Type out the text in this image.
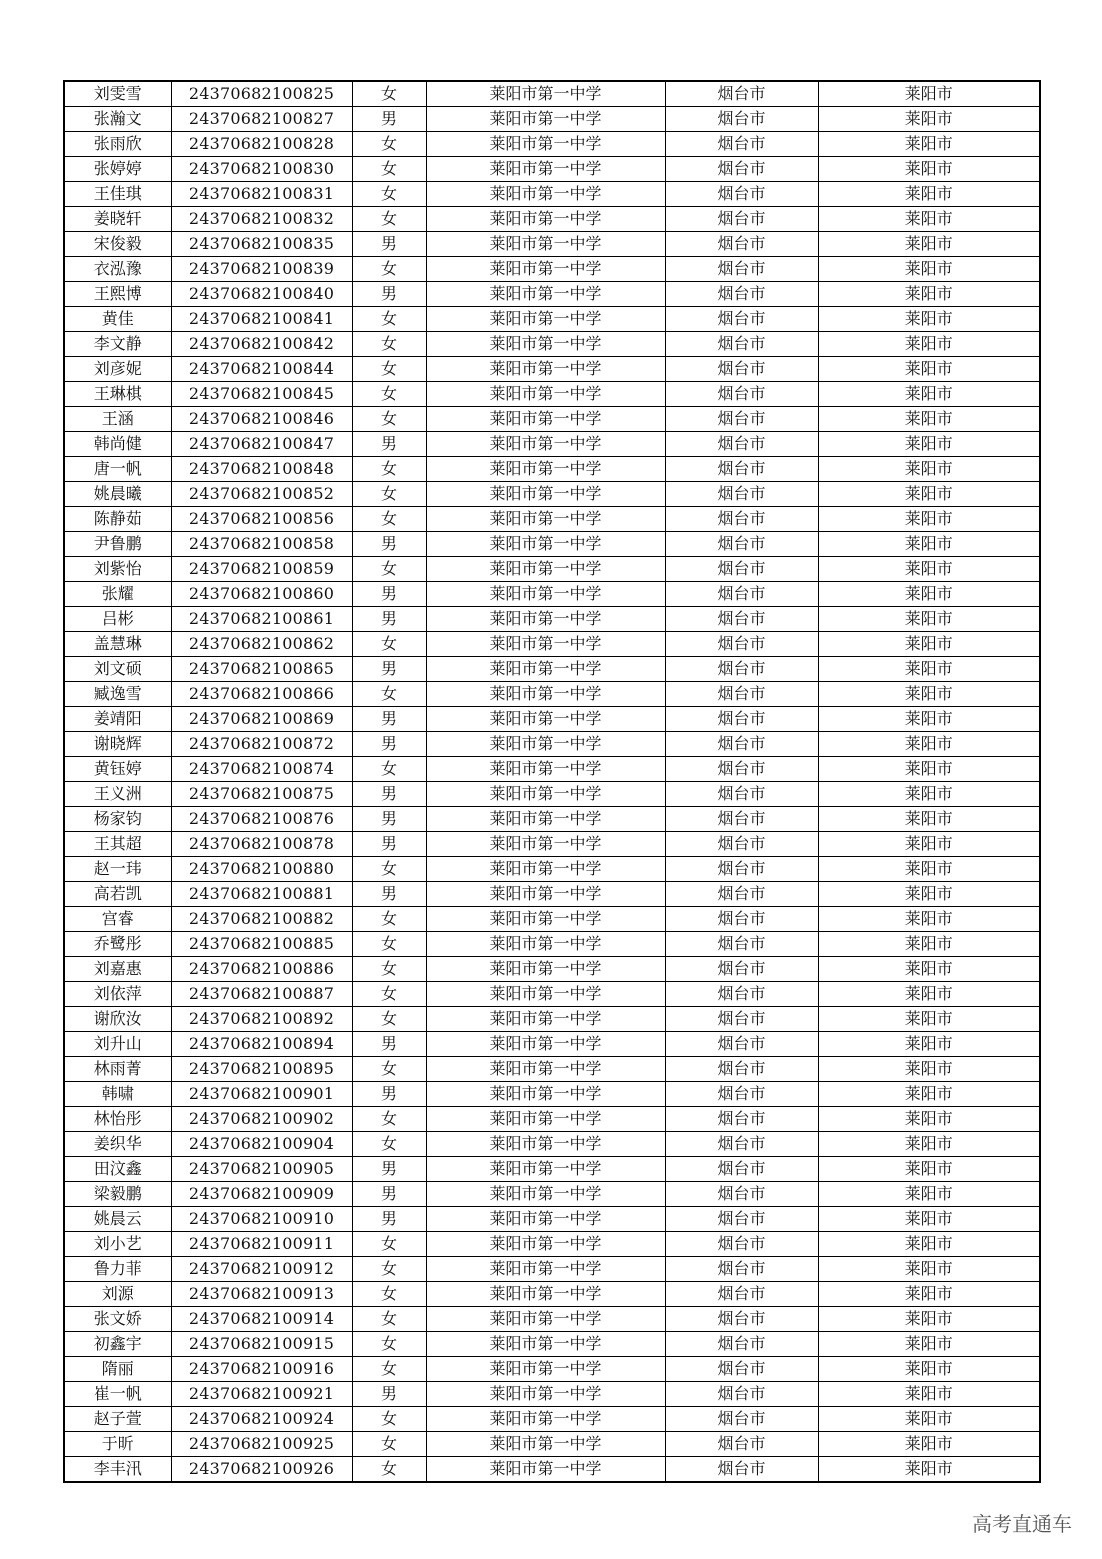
刘雯雪	24370682100825	女	莱阳市第一中学	烟台市	莱阳市
张瀚文	24370682100827	男	莱阳市第一中学	烟台市	莱阳市
张雨欣	24370682100828	女	莱阳市第一中学	烟台市	莱阳市
张婷婷	24370682100830	女	莱阳市第一中学	烟台市	莱阳市
王佳琪	24370682100831	女	莱阳市第一中学	烟台市	莱阳市
姜晓轩	24370682100832	女	莱阳市第一中学	烟台市	莱阳市
宋俊毅	24370682100835	男	莱阳市第一中学	烟台市	莱阳市
衣泓豫	24370682100839	女	莱阳市第一中学	烟台市	莱阳市
王熙博	24370682100840	男	莱阳市第一中学	烟台市	莱阳市
黄佳	24370682100841	女	莱阳市第一中学	烟台市	莱阳市
李文静	24370682100842	女	莱阳市第一中学	烟台市	莱阳市
刘彦妮	24370682100844	女	莱阳市第一中学	烟台市	莱阳市
王琳棋	24370682100845	女	莱阳市第一中学	烟台市	莱阳市
王涵	24370682100846	女	莱阳市第一中学	烟台市	莱阳市
韩尚健	24370682100847	男	莱阳市第一中学	烟台市	莱阳市
唐一帆	24370682100848	女	莱阳市第一中学	烟台市	莱阳市
姚晨曦	24370682100852	女	莱阳市第一中学	烟台市	莱阳市
陈静茹	24370682100856	女	莱阳市第一中学	烟台市	莱阳市
尹鲁鹏	24370682100858	男	莱阳市第一中学	烟台市	莱阳市
刘紫怡	24370682100859	女	莱阳市第一中学	烟台市	莱阳市
张耀	24370682100860	男	莱阳市第一中学	烟台市	莱阳市
吕彬	24370682100861	男	莱阳市第一中学	烟台市	莱阳市
盖慧琳	24370682100862	女	莱阳市第一中学	烟台市	莱阳市
刘文硕	24370682100865	男	莱阳市第一中学	烟台市	莱阳市
臧逸雪	24370682100866	女	莱阳市第一中学	烟台市	莱阳市
姜靖阳	24370682100869	男	莱阳市第一中学	烟台市	莱阳市
谢晓辉	24370682100872	男	莱阳市第一中学	烟台市	莱阳市
黄钰婷	24370682100874	女	莱阳市第一中学	烟台市	莱阳市
王义洲	24370682100875	男	莱阳市第一中学	烟台市	莱阳市
杨家钧	24370682100876	男	莱阳市第一中学	烟台市	莱阳市
王其超	24370682100878	男	莱阳市第一中学	烟台市	莱阳市
赵一玮	24370682100880	女	莱阳市第一中学	烟台市	莱阳市
高若凯	24370682100881	男	莱阳市第一中学	烟台市	莱阳市
宫睿	24370682100882	女	莱阳市第一中学	烟台市	莱阳市
乔鹭彤	24370682100885	女	莱阳市第一中学	烟台市	莱阳市
刘嘉惠	24370682100886	女	莱阳市第一中学	烟台市	莱阳市
刘依萍	24370682100887	女	莱阳市第一中学	烟台市	莱阳市
谢欣汝	24370682100892	女	莱阳市第一中学	烟台市	莱阳市
刘升山	24370682100894	男	莱阳市第一中学	烟台市	莱阳市
林雨菁	24370682100895	女	莱阳市第一中学	烟台市	莱阳市
韩啸	24370682100901	男	莱阳市第一中学	烟台市	莱阳市
林怡彤	24370682100902	女	莱阳市第一中学	烟台市	莱阳市
姜织华	24370682100904	女	莱阳市第一中学	烟台市	莱阳市
田汶鑫	24370682100905	男	莱阳市第一中学	烟台市	莱阳市
梁毅鹏	24370682100909	男	莱阳市第一中学	烟台市	莱阳市
姚晨云	24370682100910	男	莱阳市第一中学	烟台市	莱阳市
刘小艺	24370682100911	女	莱阳市第一中学	烟台市	莱阳市
鲁力菲	24370682100912	女	莱阳市第一中学	烟台市	莱阳市
刘源	24370682100913	女	莱阳市第一中学	烟台市	莱阳市
张文娇	24370682100914	女	莱阳市第一中学	烟台市	莱阳市
初鑫宇	24370682100915	女	莱阳市第一中学	烟台市	莱阳市
隋丽	24370682100916	女	莱阳市第一中学	烟台市	莱阳市
崔一帆	24370682100921	男	莱阳市第一中学	烟台市	莱阳市
赵子萱	24370682100924	女	莱阳市第一中学	烟台市	莱阳市
于昕	24370682100925	女	莱阳市第一中学	烟台市	莱阳市
李丰汛	24370682100926	女	莱阳市第一中学	烟台市	莱阳市
高考直通车
